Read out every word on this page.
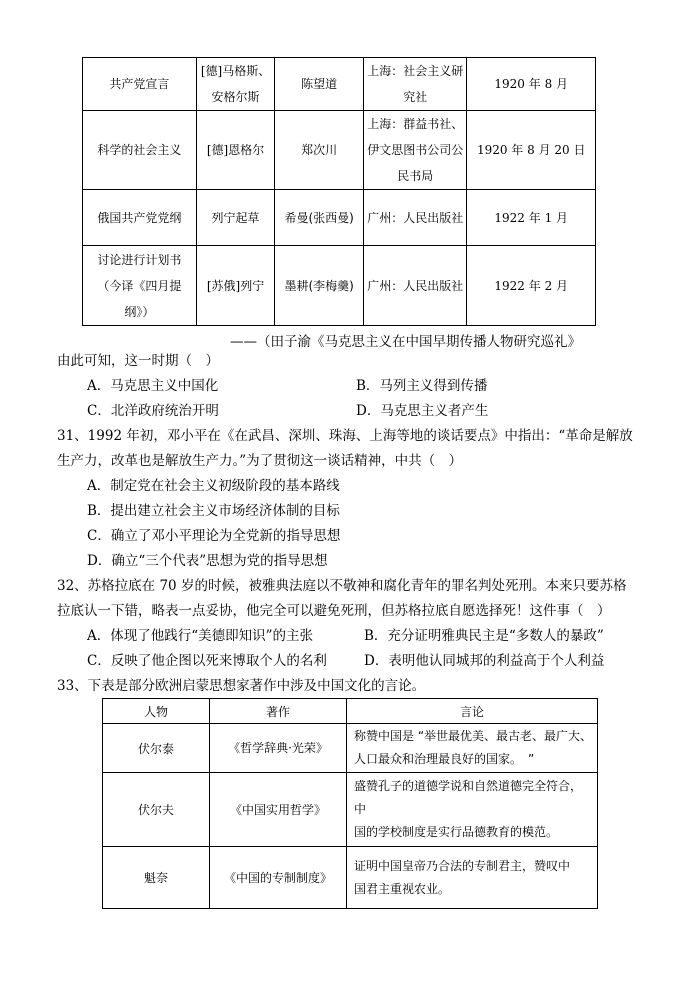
共产党宣言	[德]马格斯、安格尔斯	陈望道	上海：社会主义研究社	1920 年 8 月
科学的社会主义	[德]恩格尔	郑次川	上海：群益书社、伊文思图书公司公民书局	1920 年 8 月 20 日
俄国共产党党纲	列宁起草	希曼(张西曼)	广州：人民出版社	1922 年 1 月
讨论进行计划书（今译《四月提纲》）	[苏俄]列宁	墨耕(李梅羹)	广州：人民出版社	1922 年 2 月
——（田子渝《马克思主义在中国早期传播人物研究巡礼》
由此可知，这一时期（　）
A．马克思主义中国化	B．马列主义得到传播
C．北洋政府统治开明	D．马克思主义者产生
31、1992 年初，邓小平在《在武昌、深圳、珠海、上海等地的谈话要点》中指出：“革命是解放
生产力，改革也是解放生产力。”为了贯彻这一谈话精神，中共（　）
A．制定党在社会主义初级阶段的基本路线
B．提出建立社会主义市场经济体制的目标
C．确立了邓小平理论为全党新的指导思想
D．确立“三个代表”思想为党的指导思想
32、苏格拉底在 70 岁的时候，被雅典法庭以不敬神和腐化青年的罪名判处死刑。本来只要苏格
拉底认一下错，略表一点妥协，他完全可以避免死刑，但苏格拉底自愿选择死！这件事（　）
A．体现了他践行“美德即知识”的主张	B．充分证明雅典民主是“多数人的暴政”
C．反映了他企图以死来博取个人的名利	D．表明他认同城邦的利益高于个人利益
33、下表是部分欧洲启蒙思想家著作中涉及中国文化的言论。
人物	著作	言论
伏尔泰	《哲学辞典·光荣》	称赞中国是 “举世最优美、最古老、最广大、
人口最众和治理最良好的国家。　”

伏尔夫	《中国实用哲学》	盛赞孔子的道德学说和自然道德完全符合，
中
国的学校制度是实行品德教育的模范。

魁奈	《中国的专制制度》	证明中国皇帝乃合法的专制君主，赞叹中
国君主重视农业。
